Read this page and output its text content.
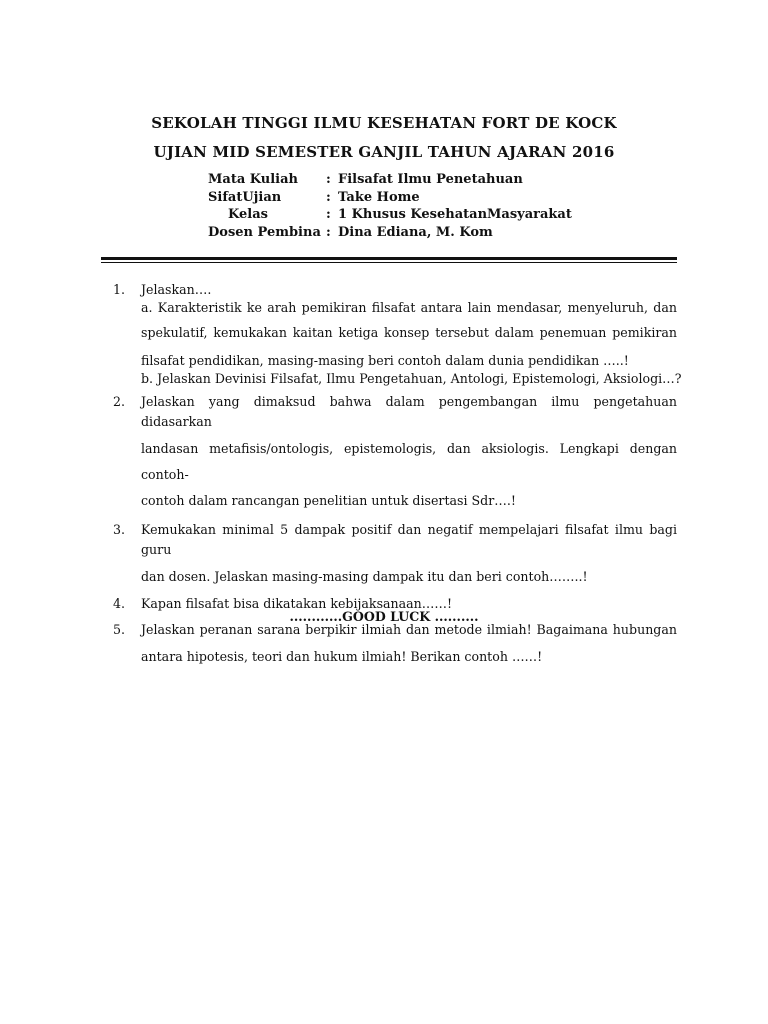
SEKOLAH TINGGI ILMU KESEHATAN FORT DE KOCK
UJIAN MID SEMESTER GANJIL TAHUN AJARAN 2016
Mata Kuliah : Filsafat Ilmu Penetahuan
SifatUjian	: Take Home
Kelas	: 1 Khusus KesehatanMasyarakat
Dosen Pembina : Dina Ediana, M. Kom
1. Jelaskan….
a. Karakteristik ke arah pemikiran filsafat antara lain mendasar, menyeluruh, dan
spekulatif, kemukakan kaitan ketiga konsep tersebut dalam penemuan pemikiran
filsafat pendidikan, masing-masing beri contoh dalam dunia pendidikan …..!
b. Jelaskan Devinisi Filsafat, Ilmu Pengetahuan, Antologi, Epistemologi, Aksiologi…?
2. Jelaskan yang dimaksud bahwa dalam pengembangan ilmu pengetahuan didasarkan
landasan metafisis/ontologis, epistemologis, dan aksiologis. Lengkapi dengan contoh-
contoh dalam rancangan penelitian untuk disertasi Sdr….!
3. Kemukakan minimal 5 dampak positif dan negatif mempelajari filsafat ilmu bagi guru
dan dosen. Jelaskan masing-masing dampak itu dan beri contoh……..!
4. Kapan filsafat bisa dikatakan kebijaksanaan……!
5. Jelaskan peranan sarana berpikir ilmiah dan metode ilmiah! Bagaimana hubungan
antara hipotesis, teori dan hukum ilmiah! Berikan contoh ……!
............GOOD LUCK ..........
